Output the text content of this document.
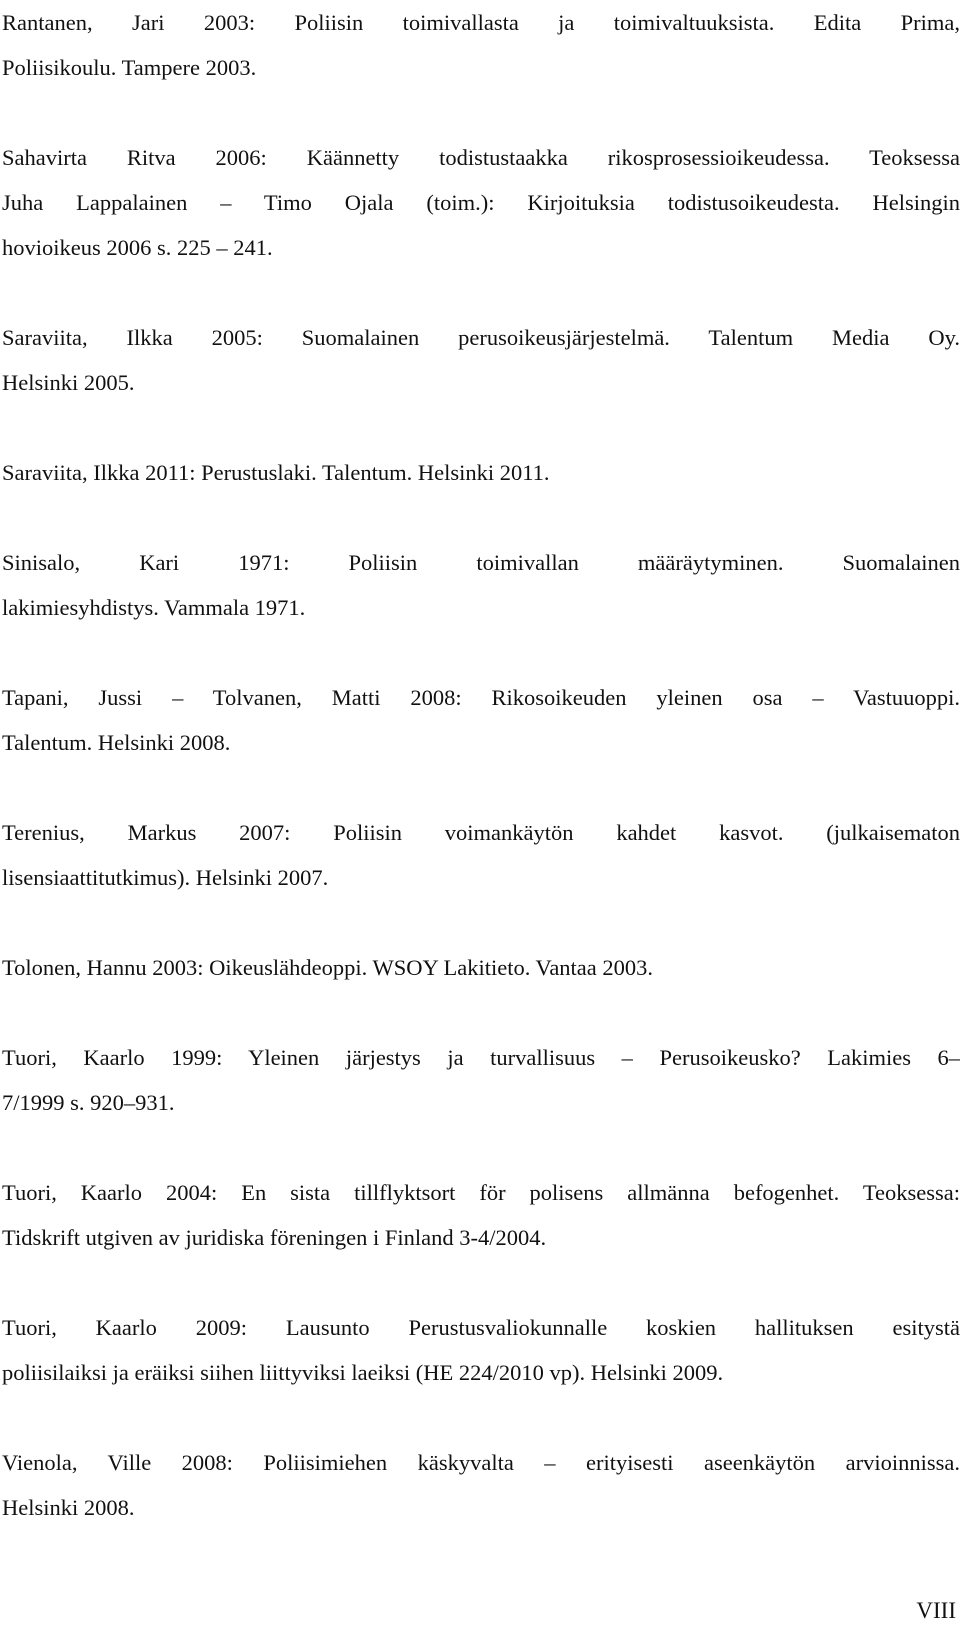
Rantanen, Jari 2003: Poliisin toimivallasta ja toimivaltuuksista. Edita Prima,
Poliisikoulu. Tampere 2003.
Sahavirta Ritva 2006: Käännetty todistustaakka rikosprosessioikeudessa. Teoksessa
Juha Lappalainen – Timo Ojala (toim.): Kirjoituksia todistusoikeudesta. Helsingin
hovioikeus 2006 s. 225 – 241.
Saraviita, Ilkka 2005: Suomalainen perusoikeusjärjestelmä. Talentum Media Oy.
Helsinki 2005.
Saraviita, Ilkka 2011: Perustuslaki. Talentum. Helsinki 2011.
Sinisalo, Kari 1971: Poliisin toimivallan määräytyminen. Suomalainen
lakimiesyhdistys. Vammala 1971.
Tapani, Jussi – Tolvanen, Matti 2008: Rikosoikeuden yleinen osa – Vastuuoppi.
Talentum. Helsinki 2008.
Terenius, Markus 2007: Poliisin voimankäytön kahdet kasvot. (julkaisematon
lisensiaattitutkimus). Helsinki 2007.
Tolonen, Hannu 2003: Oikeuslähdeoppi. WSOY Lakitieto. Vantaa 2003.
Tuori, Kaarlo 1999: Yleinen järjestys ja turvallisuus – Perusoikeusko? Lakimies 6–
7/1999 s. 920–931.
Tuori, Kaarlo 2004: En sista tillflyktsort för polisens allmänna befogenhet. Teoksessa:
Tidskrift utgiven av juridiska föreningen i Finland 3-4/2004.
Tuori, Kaarlo 2009: Lausunto Perustusvaliokunnalle koskien hallituksen esitystä
poliisilaiksi ja eräiksi siihen liittyviksi laeiksi (HE 224/2010 vp). Helsinki 2009.
Vienola, Ville 2008: Poliisimiehen käskyvalta – erityisesti aseenkäytön arvioinnissa.
Helsinki 2008.
VIII
